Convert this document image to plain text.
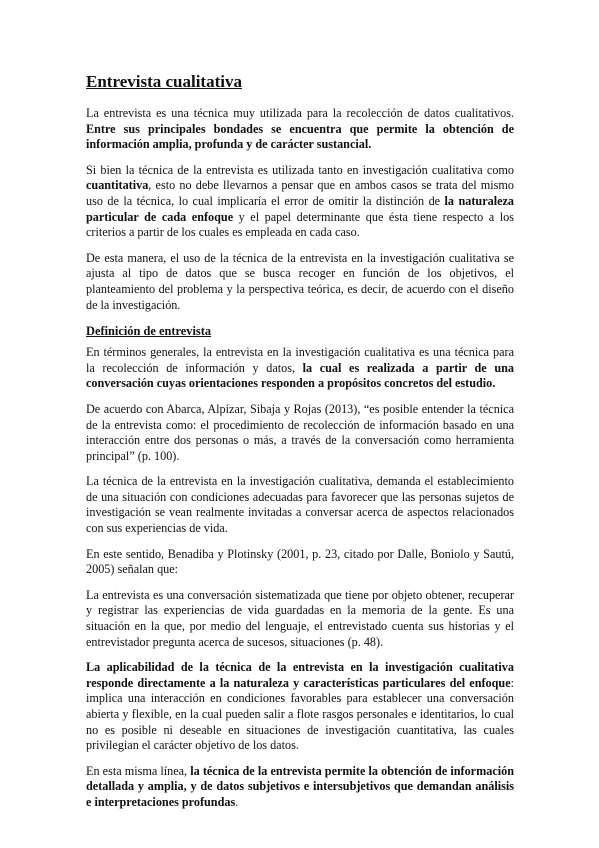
Entrevista cualitativa

La entrevista es una técnica muy utilizada para la recolección de datos cualitativos. Entre sus principales bondades se encuentra que permite la obtención de información amplia, profunda y de carácter sustancial.

Si bien la técnica de la entrevista es utilizada tanto en investigación cualitativa como cuantitativa, esto no debe llevarnos a pensar que en ambos casos se trata del mismo uso de la técnica, lo cual implicaría el error de omitir la distinción de la naturaleza particular de cada enfoque y el papel determinante que ésta tiene respecto a los criterios a partir de los cuales es empleada en cada caso.

De esta manera, el uso de la técnica de la entrevista en la investigación cualitativa se ajusta al tipo de datos que se busca recoger en función de los objetivos, el planteamiento del problema y la perspectiva teórica, es decir, de acuerdo con el diseño de la investigación.

Definición de entrevista

En términos generales, la entrevista en la investigación cualitativa es una técnica para la recolección de información y datos, la cual es realizada a partir de una conversación cuyas orientaciones responden a propósitos concretos del estudio.

De acuerdo con Abarca, Alpízar, Sibaja y Rojas (2013), “es posible entender la técnica de la entrevista como: el procedimiento de recolección de información basado en una interacción entre dos personas o más, a través de la conversación como herramienta principal” (p. 100).

La técnica de la entrevista en la investigación cualitativa, demanda el establecimiento de una situación con condiciones adecuadas para favorecer que las personas sujetos de investigación se vean realmente invitadas a conversar acerca de aspectos relacionados con sus experiencias de vida.

En este sentido, Benadiba y Plotinsky (2001, p. 23, citado por Dalle, Boniolo y Sautú, 2005) señalan que:

La entrevista es una conversación sistematizada que tiene por objeto obtener, recuperar y registrar las experiencias de vida guardadas en la memoria de la gente. Es una situación en la que, por medio del lenguaje, el entrevistado cuenta sus historias y el entrevistador pregunta acerca de sucesos, situaciones (p. 48).

La aplicabilidad de la técnica de la entrevista en la investigación cualitativa responde directamente a la naturaleza y características particulares del enfoque: implica una interacción en condiciones favorables para establecer una conversación abierta y flexible, en la cual pueden salir a flote rasgos personales e identitarios, lo cual no es posible ni deseable en situaciones de investigación cuantitativa, las cuales privilegian el carácter objetivo de los datos.

En esta misma línea, la técnica de la entrevista permite la obtención de información detallada y amplia, y de datos subjetivos e intersubjetivos que demandan análisis e interpretaciones profundas.
